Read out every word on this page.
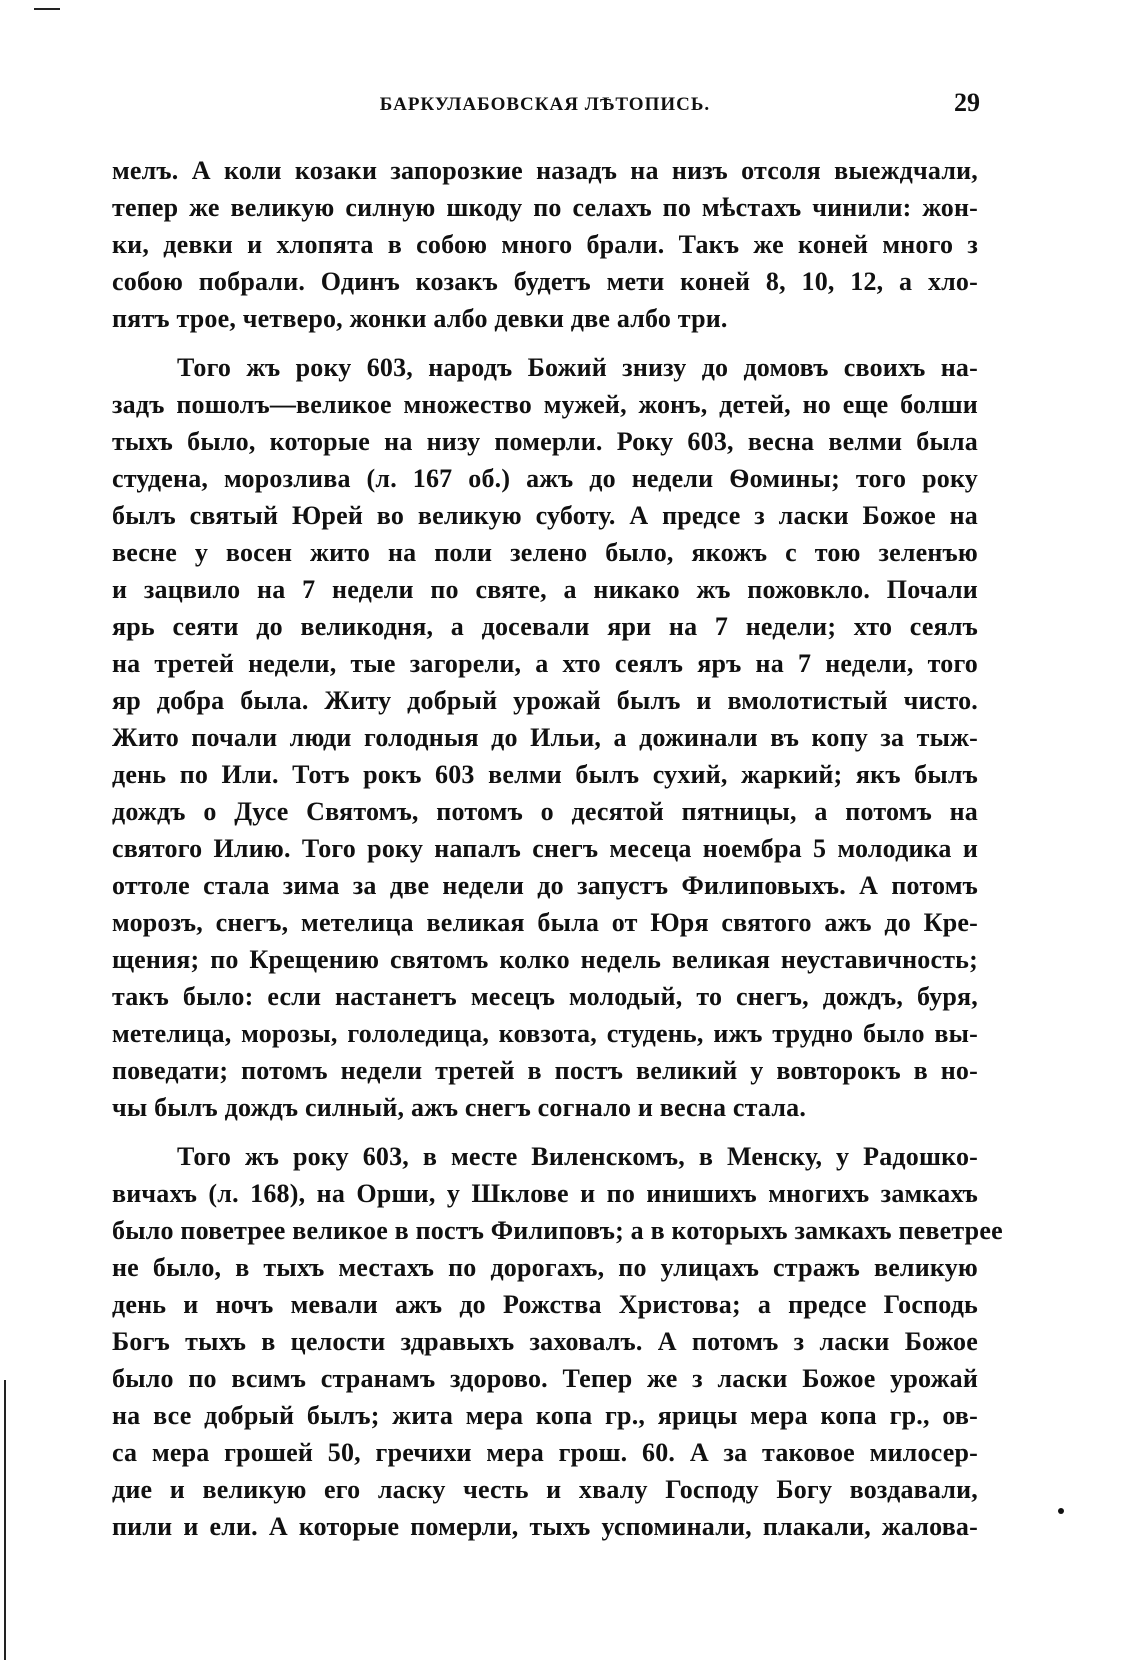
БАРКУЛАБОВСКАЯ ЛѢТОПИСЬ.	29
мелъ. А коли козаки запорозкие назадъ на низъ отсоля выеждчали,
тепер же великую силную шкоду по селахъ по мѣстахъ чинили: жон-
ки, девки и хлопята в собою много брали. Такъ же коней много з
собою побрали. Одинъ козакъ будетъ мети коней 8, 10, 12, а хло-
пятъ трое, четверо, жонки албо девки две албо три.
Того жъ року 603, народъ Божий знизу до домовъ своихъ на-
задъ пошолъ—великое множество мужей, жонъ, детей, но еще болши
тыхъ было, которые на низу померли. Року 603, весна велми была
студена, морозлива (л. 167 об.) ажъ до недели Ѳомины; того року
былъ святый Юрей во великую суботу. А предсе з ласки Божое на
весне у восен жито на поли зелено было, якожъ с тою зеленъю
и зацвило на 7 недели по святе, а никако жъ пожовкло. Почали
ярь сеяти до великодня, а досевали яри на 7 недели; хто сеялъ
на третей недели, тые загорели, а хто сеялъ яръ на 7 недели, того
яр добра была. Житу добрый урожай былъ и вмолотистый чисто.
Жито почали люди голодныя до Ильи, а дожинали въ копу за тыж-
день по Или. Тотъ рокъ 603 велми былъ сухий, жаркий; якъ былъ
дождъ о Дусе Святомъ, потомъ о десятой пятницы, а потомъ на
святого Илию. Того року напалъ снегъ месеца ноембра 5 молодика и
оттоле стала зима за две недели до запустъ Филиповыхъ. А потомъ
морозъ, снегъ, метелица великая была от Юря святого ажъ до Кре-
щения; по Крещению святомъ колко недель великая неуставичность;
такъ было: если настанетъ месецъ молодый, то снегъ, дождъ, буря,
метелица, морозы, гололедица, ковзота, студень, ижъ трудно было вы-
поведати; потомъ недели третей в постъ великий у вовторокъ в но-
чы былъ дождъ силный, ажъ снегъ согнало и весна стала.
Того жъ року 603, в месте Виленскомъ, в Менску, у Радошко-
вичахъ (л. 168), на Орши, у Шклове и по инишихъ многихъ замкахъ
было поветрее великое в постъ Филиповъ; а в которыхъ замкахъ певетрее
не было, в тыхъ местахъ по дорогахъ, по улицахъ стражъ великую
день и ночъ мевали ажъ до Рожства Христова; а предсе Господь
Богъ тыхъ в целости здравыхъ заховалъ. А потомъ з ласки Божое
было по всимъ странамъ здорово. Тепер же з ласки Божое урожай
на все добрый былъ; жита мера копа гр., ярицы мера копа гр., ов-
са мера грошей 50, гречихи мера грош. 60. А за таковое милосер-
дие и великую его ласку честь и хвалу Господу Богу воздавали,
пили и ели. А которые померли, тыхъ успоминали, плакали, жалова-
